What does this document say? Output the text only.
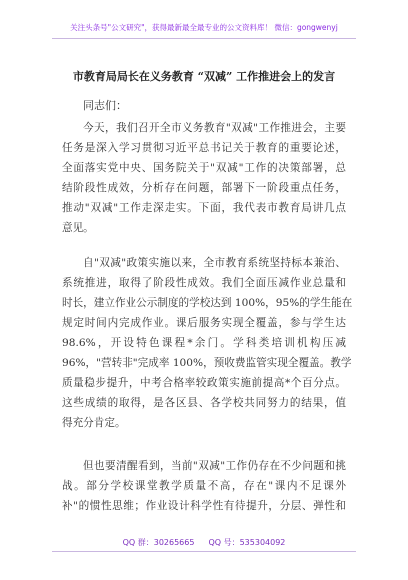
关注头条号"公文研究"，获得最新最全最专业的公文资料库！ 微信：gongwenyj
市教育局局长在义务教育 “双减” 工作推进会上的发言
同志们：
今天，我们召开全市义务教育"双减"工作推进会，主要
任务是深入学习贯彻习近平总书记关于教育的重要论述，
全面落实党中央、国务院关于"双减"工作的决策部署，总
结阶段性成效，分析存在问题，部署下一阶段重点任务，
推动"双减"工作走深走实。下面，我代表市教育局讲几点
意见。
自"双减"政策实施以来，全市教育系统坚持标本兼治、
系统推进，取得了阶段性成效。我们全面压减作业总量和
时长，建立作业公示制度的学校达到 100%，95%的学生能在
规定时间内完成作业。课后服务实现全覆盖，参与学生达
98.6%，开设特色课程*余门。学科类培训机构压减
96%，"营转非"完成率 100%，预收费监管实现全覆盖。教学
质量稳步提升，中考合格率较政策实施前提高*个百分点。
这些成绩的取得，是各区县、各学校共同努力的结果，值
得充分肯定。
但也要清醒看到，当前"双减"工作仍存在不少问题和挑
战。部分学校课堂教学质量不高，存在"课内不足课外
补"的惯性思维；作业设计科学性有待提升，分层、弹性和
QQ 群：30265665 QQ 号：535304092
